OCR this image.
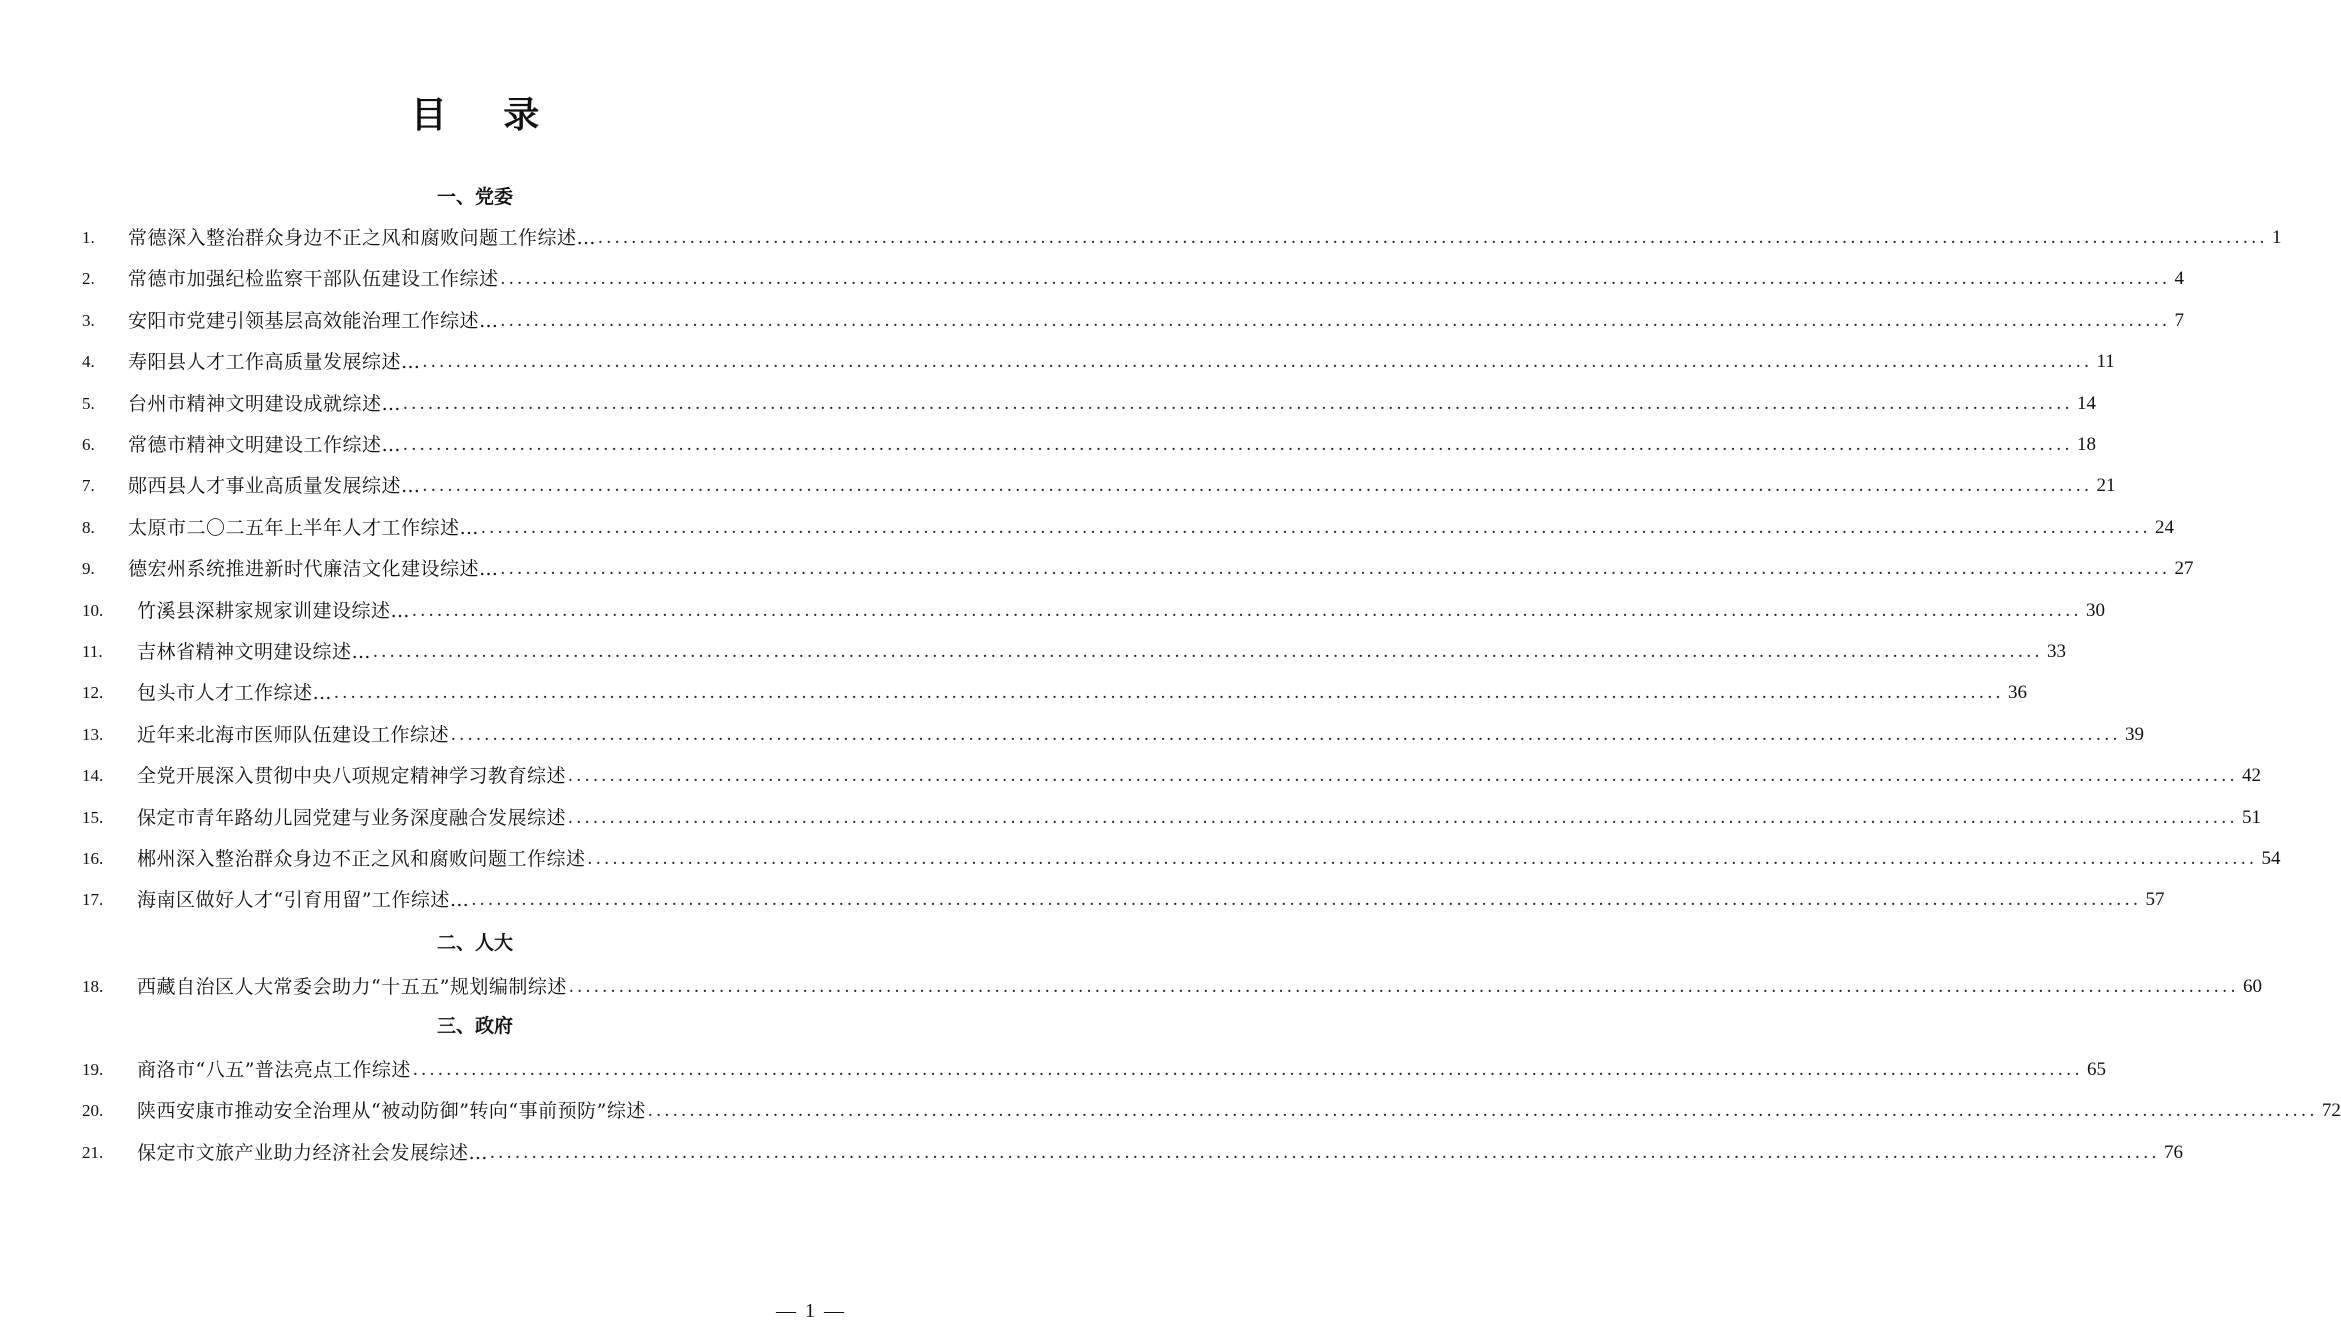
目 录
一、党委
1.	常德深入整治群众身边不正之风和腐败问题工作综述… ........................................................................................................................................................................................................ 1
2.	常德市加强纪检监察干部队伍建设工作综述 ........................................................................................................................................................................................................ 4
3.	安阳市党建引领基层高效能治理工作综述… ........................................................................................................................................................................................................ 7
4.	寿阳县人才工作高质量发展综述… ........................................................................................................................................................................................................ 11
5.	台州市精神文明建设成就综述… ........................................................................................................................................................................................................ 14
6.	常德市精神文明建设工作综述… ........................................................................................................................................................................................................ 18
7.	郧西县人才事业高质量发展综述… ........................................................................................................................................................................................................ 21
8.	太原市二〇二五年上半年人才工作综述… ........................................................................................................................................................................................................ 24
9.	德宏州系统推进新时代廉洁文化建设综述… ........................................................................................................................................................................................................ 27
10.	竹溪县深耕家规家训建设综述… ........................................................................................................................................................................................................ 30
11.	吉林省精神文明建设综述… ........................................................................................................................................................................................................ 33
12.	包头市人才工作综述… ........................................................................................................................................................................................................ 36
13.	近年来北海市医师队伍建设工作综述 ........................................................................................................................................................................................................ 39
14.	全党开展深入贯彻中央八项规定精神学习教育综述 ........................................................................................................................................................................................................ 42
15.	保定市青年路幼儿园党建与业务深度融合发展综述 ........................................................................................................................................................................................................ 51
16.	郴州深入整治群众身边不正之风和腐败问题工作综述 ........................................................................................................................................................................................................ 54
17.	海南区做好人才“引育用留”工作综述… ........................................................................................................................................................................................................ 57
二、人大
18.	西藏自治区人大常委会助力“十五五”规划编制综述 ........................................................................................................................................................................................................ 60
三、政府
19.	商洛市“八五”普法亮点工作综述 ........................................................................................................................................................................................................ 65
20.	陕西安康市推动安全治理从“被动防御”转向“事前预防”综述 ........................................................................................................................................................................................................ 72
21.	保定市文旅产业助力经济社会发展综述… ........................................................................................................................................................................................................ 76
— 1 —
